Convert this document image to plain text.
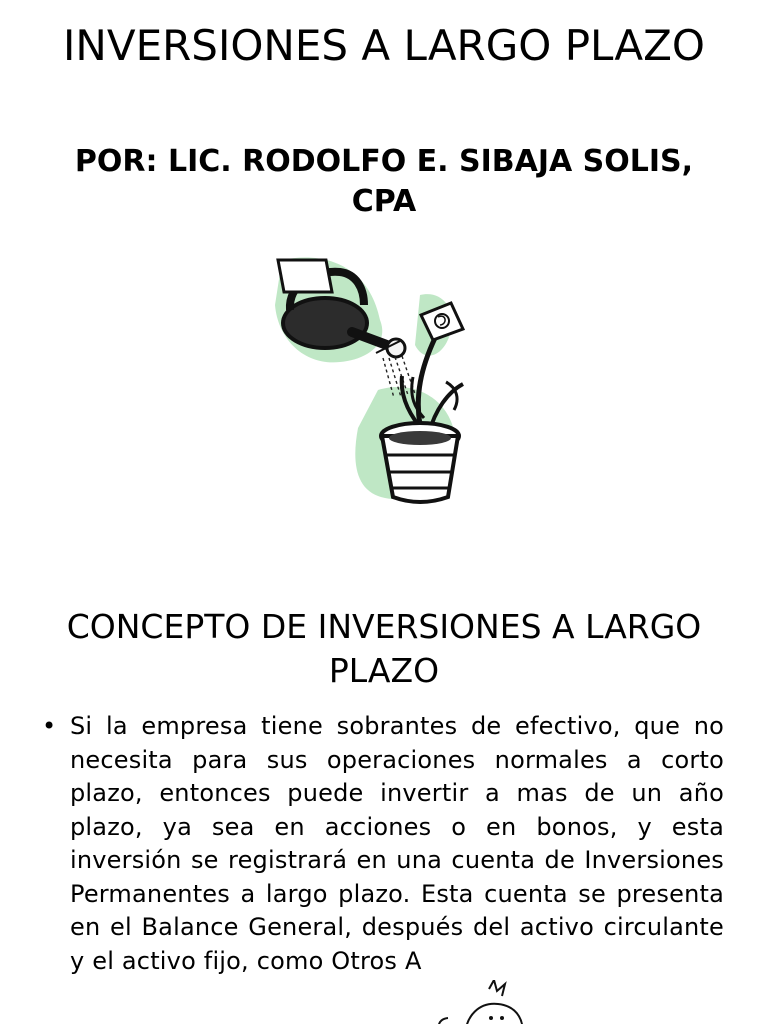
INVERSIONES A LARGO PLAZO
POR: LIC. RODOLFO E. SIBAJA SOLIS, CPA
CONCEPTO DE INVERSIONES A LARGO PLAZO
• Si la empresa tiene sobrantes de efectivo, que no necesita para sus operaciones normales a corto plazo, entonces puede invertir a mas de un año plazo, ya sea en acciones o en bonos, y esta inversión se registrará en una cuenta de Inversiones Permanentes a largo plazo. Esta cuenta se presenta en el Balance General, después del activo circulante y el activo fijo, como Otros A
